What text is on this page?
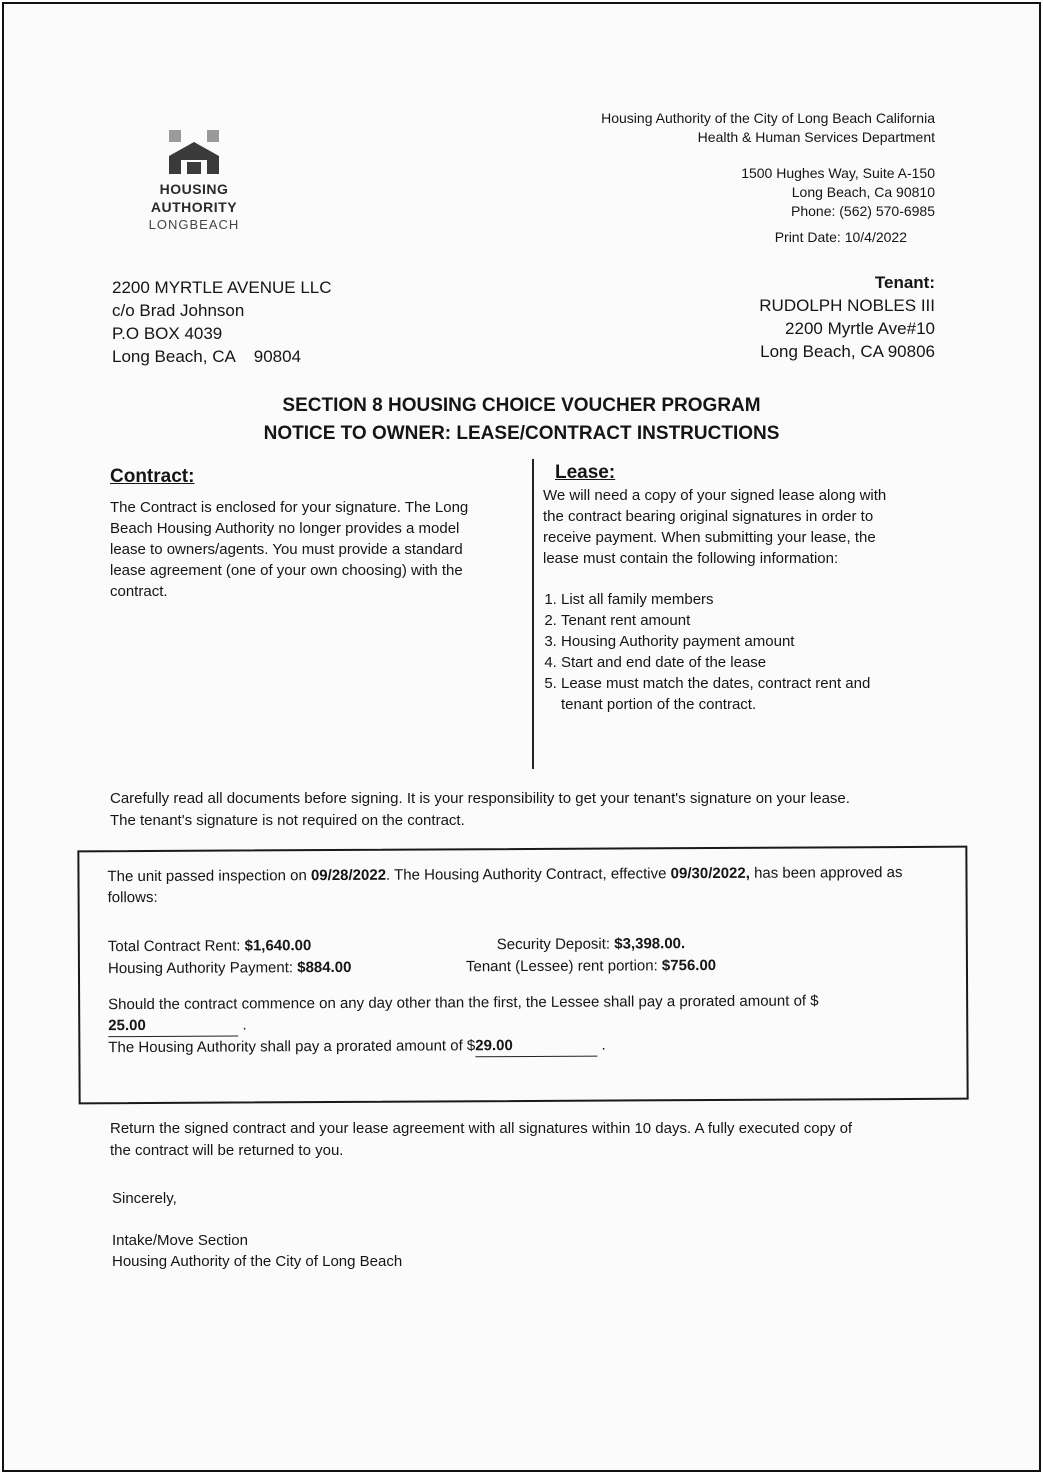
HOUSING
AUTHORITY
LONGBEACH
Housing Authority of the City of Long Beach California
Health & Human Services Department
1500 Hughes Way, Suite A-150
Long Beach, Ca 90810
Phone: (562) 570-6985
Print Date: 10/4/2022
2200 MYRTLE AVENUE LLC
c/o Brad Johnson
P.O BOX 4039
Long Beach, CA    90804
Tenant:
RUDOLPH NOBLES III
2200 Myrtle Ave#10
Long Beach, CA 90806
SECTION 8 HOUSING CHOICE VOUCHER PROGRAM
NOTICE TO OWNER: LEASE/CONTRACT INSTRUCTIONS
Contract:

The Contract is enclosed for your signature. The Long Beach Housing Authority no longer provides a model lease to owners/agents. You must provide a standard lease agreement (one of your own choosing) with the contract.

Lease:

We will need a copy of your signed lease along with the contract bearing original signatures in order to receive payment. When submitting your lease, the lease must contain the following information:

1. List all family members
2. Tenant rent amount
3. Housing Authority payment amount
4. Start and end date of the lease
5. Lease must match the dates, contract rent and tenant portion of the contract.
Carefully read all documents before signing. It is your responsibility to get your tenant's signature on your lease. The tenant's signature is not required on the contract.
The unit passed inspection on 09/28/2022. The Housing Authority Contract, effective 09/30/2022, has been approved as follows:
Total Contract Rent: $1,640.00
Housing Authority Payment: $884.00
Security Deposit: $3,398.00.
Tenant (Lessee) rent portion: $756.00
Should the contract commence on any day other than the first, the Lessee shall pay a prorated amount of $25.00	.
The Housing Authority shall pay a prorated amount of $29.00	.
Return the signed contract and your lease agreement with all signatures within 10 days. A fully executed copy of the contract will be returned to you.
Sincerely,
Intake/Move Section
Housing Authority of the City of Long Beach
